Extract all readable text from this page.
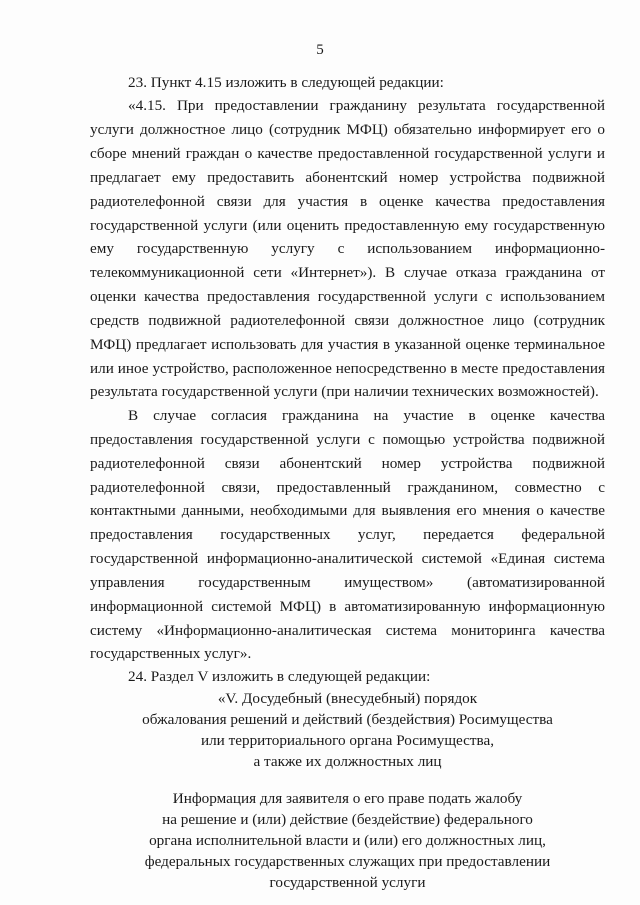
5
23. Пункт 4.15 изложить в следующей редакции:
«4.15. При предоставлении гражданину результата государственной
услуги должностное лицо (сотрудник МФЦ) обязательно информирует его о
сборе мнений граждан о качестве предоставленной государственной услуги и
предлагает ему предоставить абонентский номер устройства подвижной
радиотелефонной связи для участия в оценке качества предоставления
государственной услуги (или оценить предоставленную ему государственную
ему государственную услугу с использованием информационно-
телекоммуникационной сети «Интернет»). В случае отказа гражданина от
оценки качества предоставления государственной услуги с использованием
средств подвижной радиотелефонной связи должностное лицо (сотрудник
МФЦ) предлагает использовать для участия в указанной оценке терминальное
или иное устройство, расположенное непосредственно в месте предоставления
результата государственной услуги (при наличии технических возможностей).
В случае согласия гражданина на участие в оценке качества
предоставления государственной услуги с помощью устройства подвижной
радиотелефонной связи абонентский номер устройства подвижной
радиотелефонной связи, предоставленный гражданином, совместно с
контактными данными, необходимыми для выявления его мнения о качестве
предоставления государственных услуг, передается федеральной
государственной информационно-аналитической системой «Единая система
управления государственным имуществом» (автоматизированной
информационной системой МФЦ) в автоматизированную информационную
систему «Информационно-аналитическая система мониторинга качества
государственных услуг».
24. Раздел V изложить в следующей редакции:
«V. Досудебный (внесудебный) порядок
обжалования решений и действий (бездействия) Росимущества
или территориального органа Росимущества,
а также их должностных лиц
Информация для заявителя о его праве подать жалобу
на решение и (или) действие (бездействие) федерального
органа исполнительной власти и (или) его должностных лиц,
федеральных государственных служащих при предоставлении
государственной услуги
